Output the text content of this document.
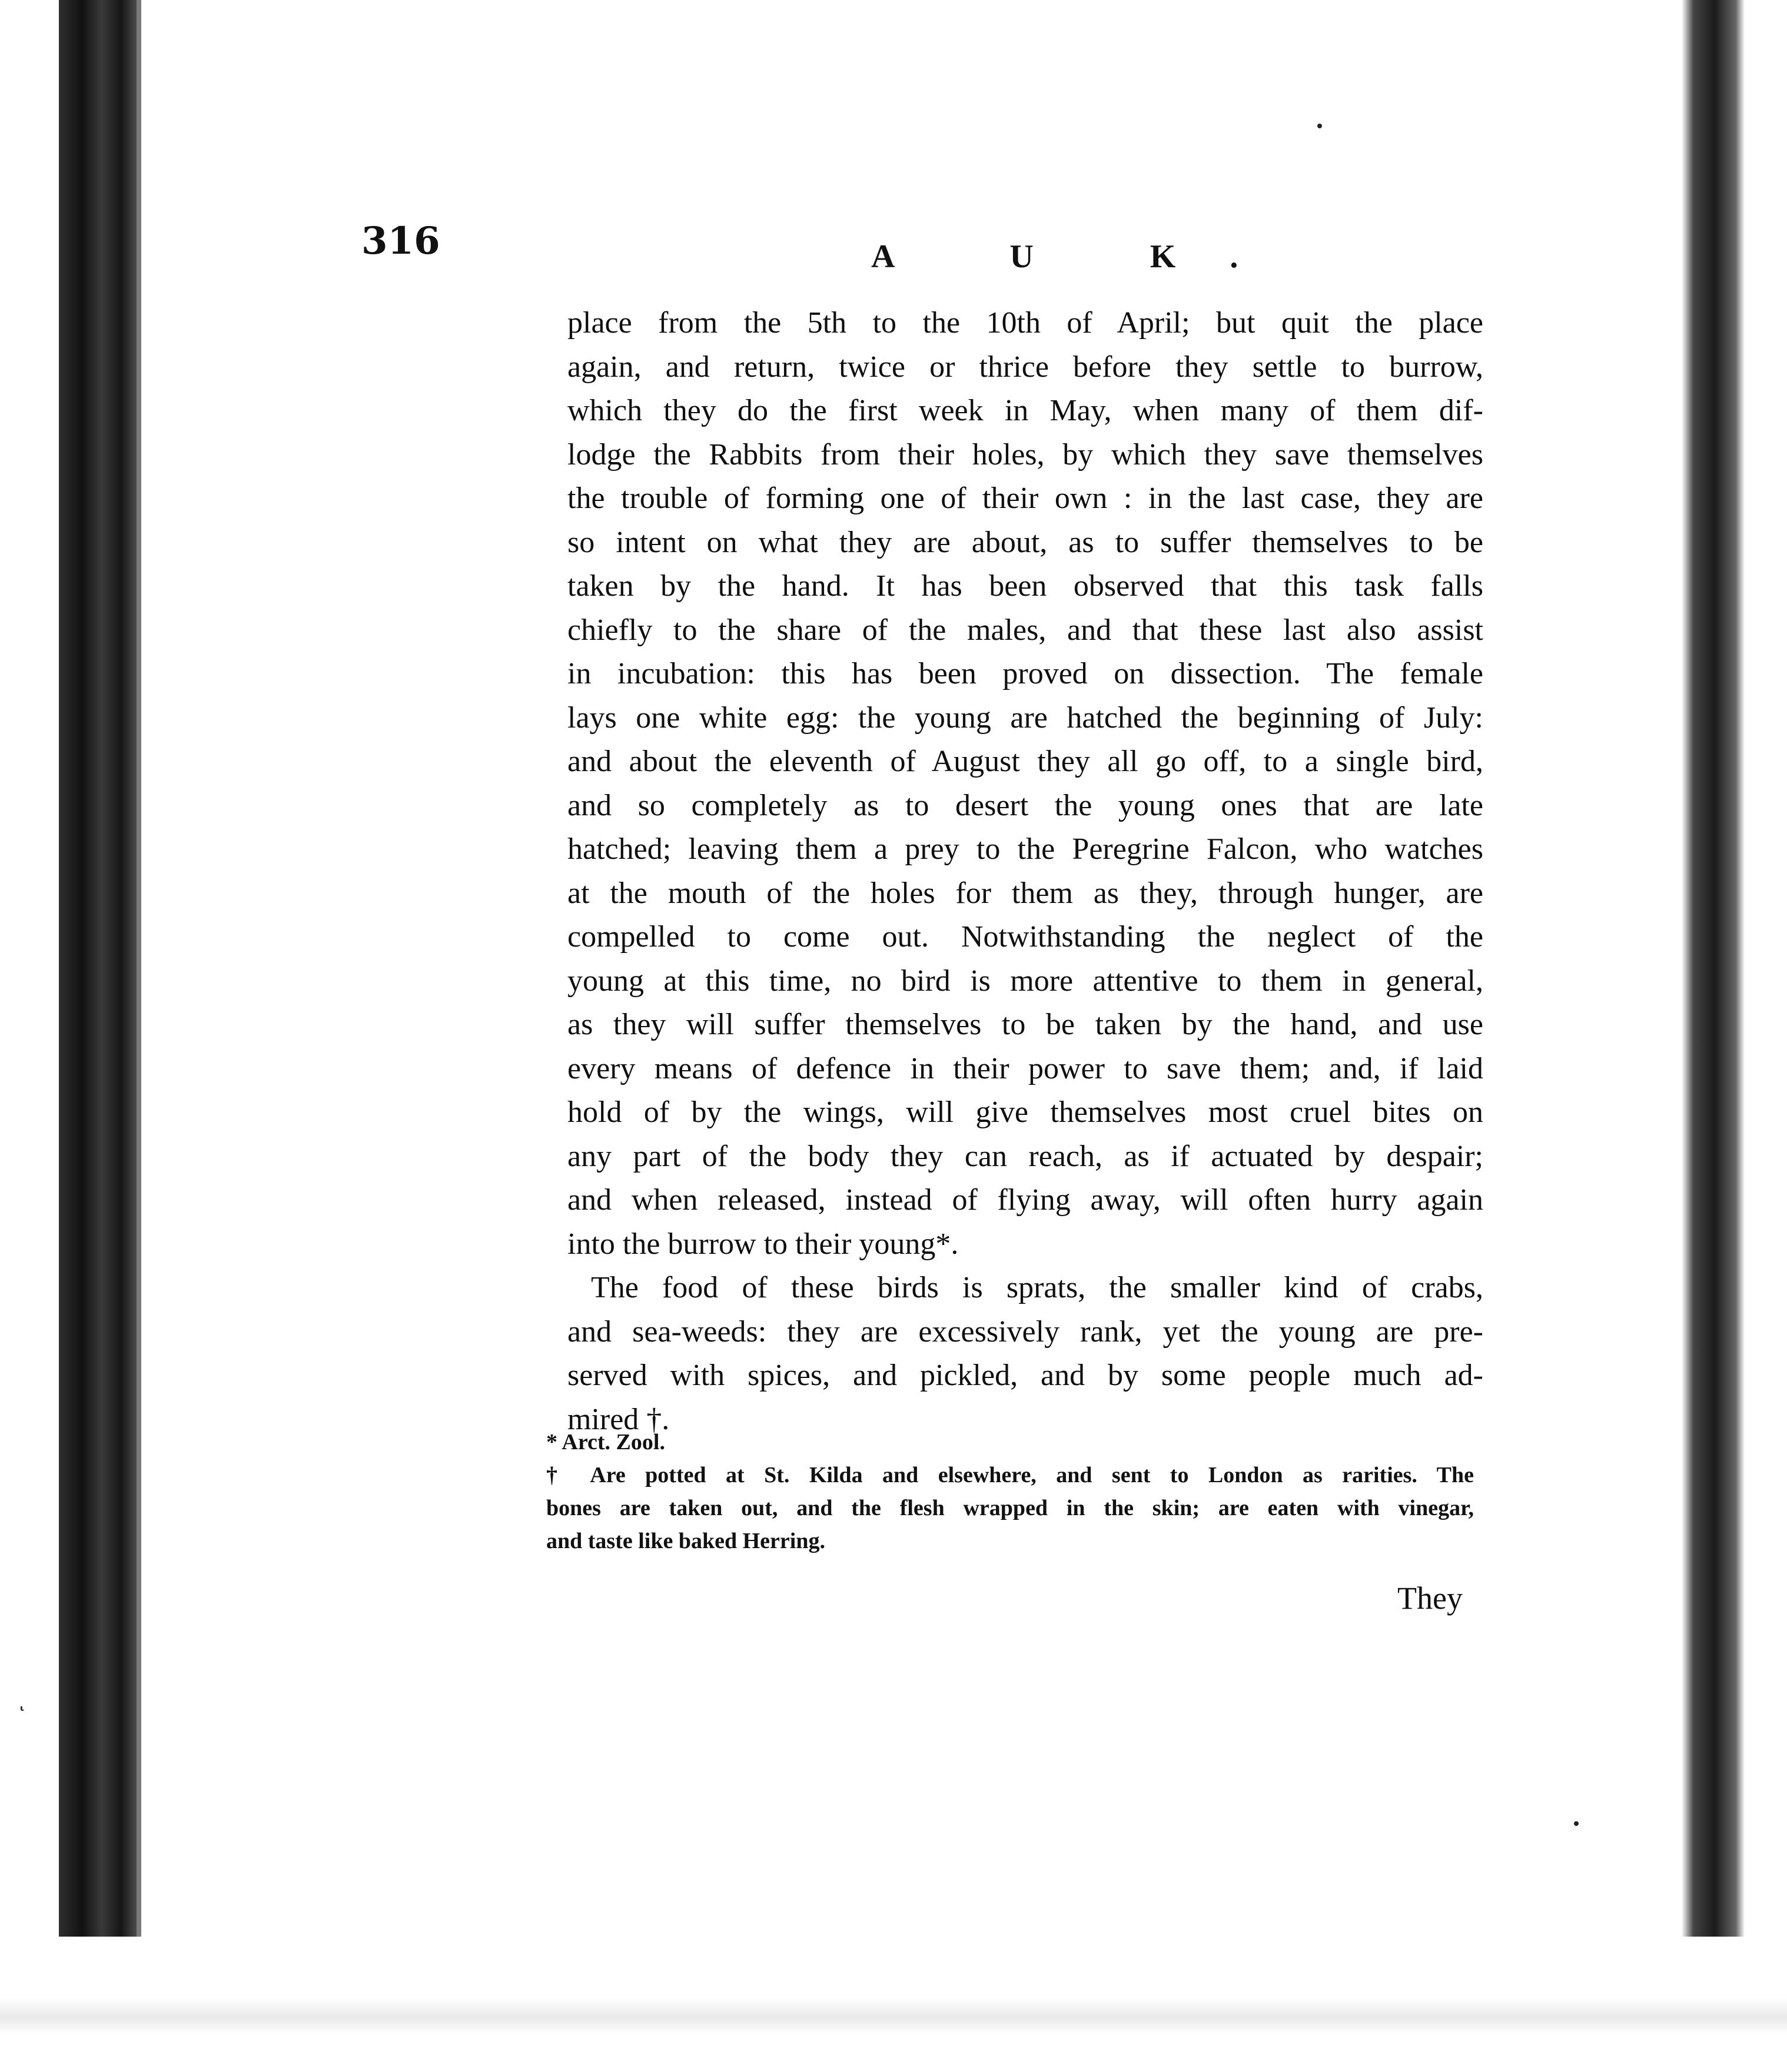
316	A U K.
place from the 5th to the 10th of April; but quit the place
again, and return, twice or thrice before they settle to burrow,
which they do the first week in May, when many of them dif-
lodge the Rabbits from their holes, by which they save themselves
the trouble of forming one of their own : in the last case, they are
so intent on what they are about, as to suffer themselves to be
taken by the hand. It has been observed that this task falls
chiefly to the share of the males, and that these last also assist
in incubation: this has been proved on dissection. The female
lays one white egg: the young are hatched the beginning of July:
and about the eleventh of August they all go off, to a single bird,
and so completely as to desert the young ones that are late
hatched; leaving them a prey to the Peregrine Falcon, who watches
at the mouth of the holes for them as they, through hunger, are
compelled to come out. Notwithstanding the neglect of the
young at this time, no bird is more attentive to them in general,
as they will suffer themselves to be taken by the hand, and use
every means of defence in their power to save them; and, if laid
hold of by the wings, will give themselves most cruel bites on
any part of the body they can reach, as if actuated by despair;
and when released, instead of flying away, will often hurry again
into the burrow to their young*.
The food of these birds is sprats, the smaller kind of crabs,
and sea-weeds: they are excessively rank, yet the young are pre-
served with spices, and pickled, and by some people much ad-
mired †.
* Arct. Zool.
† Are potted at St. Kilda and elsewhere, and sent to London as rarities. The
bones are taken out, and the flesh wrapped in the skin; are eaten with vinegar,
and taste like baked Herring.
They
